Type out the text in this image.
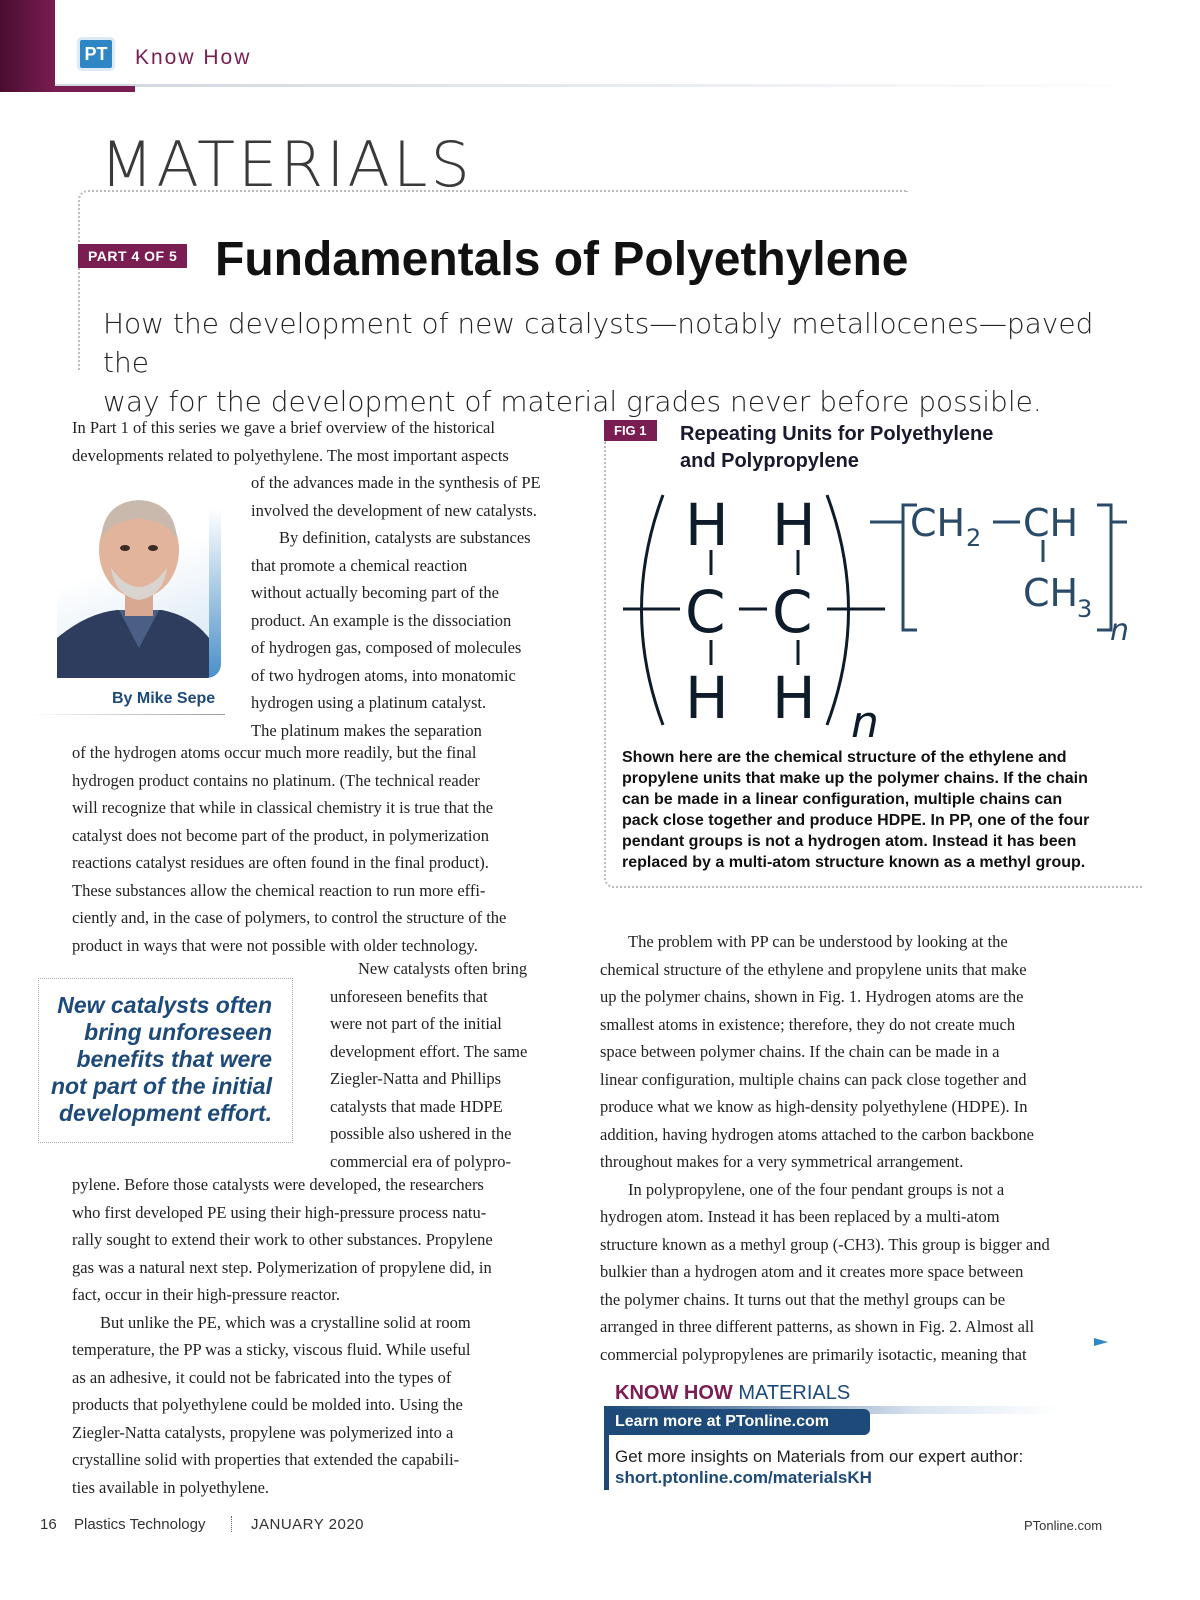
PT Know How
MATERIALS
PART 4 OF 5 Fundamentals of Polyethylene
How the development of new catalysts—notably metallocenes—paved the
way for the development of material grades never before possible.
In Part 1 of this series we gave a brief overview of the historical
developments related to polyethylene. The most important aspects
of the advances made in the synthesis of PE
involved the development of new catalysts.
By definition, catalysts are substances
that promote a chemical reaction
without actually becoming part of the
product. An example is the dissociation
of hydrogen gas, composed of molecules
of two hydrogen atoms, into monatomic
hydrogen using a platinum catalyst.
The platinum makes the separation
of the hydrogen atoms occur much more readily, but the final
hydrogen product contains no platinum. (The technical reader
will recognize that while in classical chemistry it is true that the
catalyst does not become part of the product, in polymerization
reactions catalyst residues are often found in the final product).
These substances allow the chemical reaction to run more effi-
ciently and, in the case of polymers, to control the structure of the
product in ways that were not possible with older technology.
New catalysts often bring
unforeseen benefits that
were not part of the initial
development effort. The same
Ziegler-Natta and Phillips
catalysts that made HDPE
possible also ushered in the
commercial era of polypro-
pylene. Before those catalysts were developed, the researchers
who first developed PE using their high-pressure process natu-
rally sought to extend their work to other substances. Propylene
gas was a natural next step. Polymerization of propylene did, in
fact, occur in their high-pressure reactor.
But unlike the PE, which was a crystalline solid at room
temperature, the PP was a sticky, viscous fluid. While useful
as an adhesive, it could not be fabricated into the types of
products that polyethylene could be molded into. Using the
Ziegler-Natta catalysts, propylene was polymerized into a
crystalline solid with properties that extended the capabili-
ties available in polyethylene.
By Mike Sepe
New catalysts often
bring unforeseen
benefits that were
not part of the initial
development effort.
FIG 1	Repeating Units for Polyethylene
and Polypropylene
H H
C C
H H n
CH 2 CH
CH
3
n
Shown here are the chemical structure of the ethylene and
propylene units that make up the polymer chains. If the chain
can be made in a linear configuration, multiple chains can
pack close together and produce HDPE. In PP, one of the four
pendant groups is not a hydrogen atom. Instead it has been
replaced by a multi-atom structure known as a methyl group.
The problem with PP can be understood by looking at the
chemical structure of the ethylene and propylene units that make
up the polymer chains, shown in Fig. 1. Hydrogen atoms are the
smallest atoms in existence; therefore, they do not create much
space between polymer chains. If the chain can be made in a
linear configuration, multiple chains can pack close together and
produce what we know as high-density polyethylene (HDPE). In
addition, having hydrogen atoms attached to the carbon backbone
throughout makes for a very symmetrical arrangement.
In polypropylene, one of the four pendant groups is not a
hydrogen atom. Instead it has been replaced by a multi-atom
structure known as a methyl group (-CH3). This group is bigger and
bulkier than a hydrogen atom and it creates more space between
the polymer chains. It turns out that the methyl groups can be
arranged in three different patterns, as shown in Fig. 2. Almost all
commercial polypropylenes are primarily isotactic, meaning that
KNOW HOW MATERIALS
Learn more at PTonline.com
Get more insights on Materials from our expert author:
short.ptonline.com/materialsKH
16 Plastics Technology	JANUARY 2020	PTonline.com
